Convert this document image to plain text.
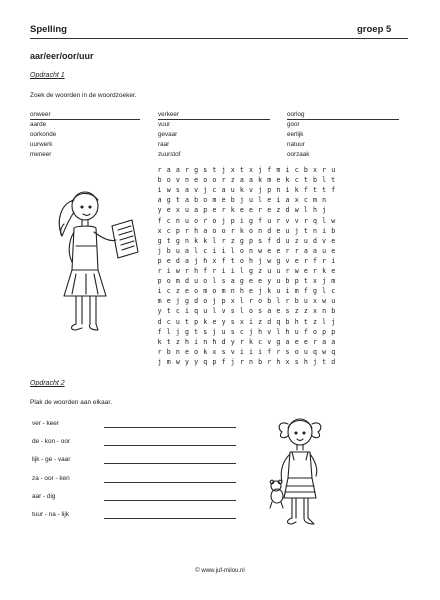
Spelling	groep 5
aar/eer/oor/uur
Opdracht 1
Zoek de woorden in de woordzoeker.
onweer
aarde
oorkonde
uurwerk
meneer
verkeer
vuur
gevaar
raar
zuurstof
oorlog
goor
eerlijk
natuur
oorzaak
r a a r g s t j x t x j f m i c b x r u
b o v n e o o r z a a k m e k c t b l t
i w s a v j c a u k v j p n i k f t t f
a g t a b o m e b j u l e i a x c m n
y e x u a p e r k e e r e z d w l h j
f c n u o r o j p i g f u r v v r q l w
x c p r h a o o r k o n d e u j t n i b
g t g n k k l r z g p s f d u z u d v e
j b u a l c i i l o n w e e r r a a u e
p e d a j h x f t o h j w g v e r f r i
r i w r h f r i i l g z u u r w e r k e
p o m d u o l s a g e e y u b p t x j m
i c z e o m o m n h e j k u i m f g l c
m e j g d o j p x l r o b l r b u x w u
y t c i q u l v s l o s a e s z z x n b
d c u t p k e y s x i z d q b h t z l j
f l j g t s j u s c j h v l h u f o p p
k t z h i n h d y r k c v g a e e r a a
r b n e o k x s v i i i f r s o u q w q
j m w y y q p f j r n b r h x s h j t d
Opdracht 2
Plak de woorden aan elkaar.
ver - keer
de - kon - oor
lijk - ge - vaar
za - oor - ken
aar - dig
tuur - na - lijk
© www.juf-milou.nl
